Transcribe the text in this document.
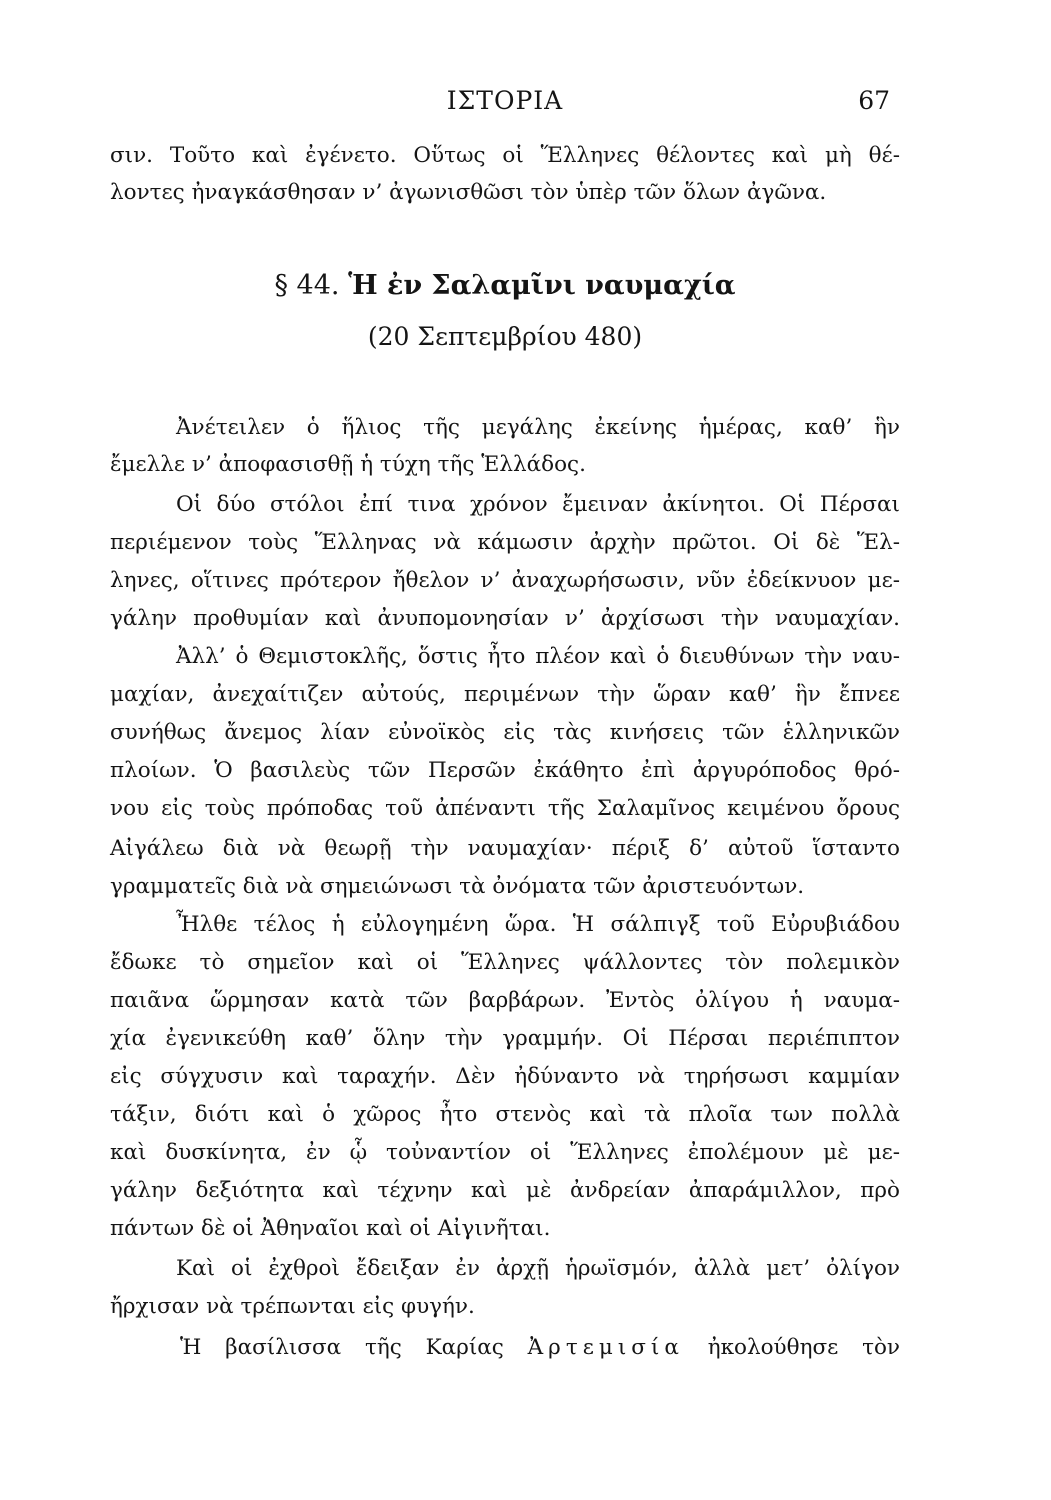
ΙΣΤΟΡΙΑ	67
σιν. Τοῦτο καὶ ἐγένετο. Οὕτως οἱ Ἕλληνες θέλοντες καὶ μὴ θέ-
λοντες ἠναγκάσθησαν ν’ ἀγωνισθῶσι τὸν ὑπὲρ τῶν ὅλων ἀγῶνα.
§ 44. Ἡ ἐν Σαλαμῖνι ναυμαχία
(20 Σεπτεμβρίου 480)
Ἀνέτειλεν ὁ ἥλιος τῆς μεγάλης ἐκείνης ἡμέρας, καθ’ ἣν
ἔμελλε ν’ ἀποφασισθῇ ἡ τύχη τῆς Ἑλλάδος.
Οἱ δύο στόλοι ἐπί τινα χρόνον ἔμειναν ἀκίνητοι. Οἱ Πέρσαι
περιέμενον τοὺς Ἕλληνας νὰ κάμωσιν ἀρχὴν πρῶτοι. Οἱ δὲ Ἕλ-
ληνες, οἵτινες πρότερον ἤθελον ν’ ἀναχωρήσωσιν, νῦν ἐδείκνυον με-
γάλην προθυμίαν καὶ ἀνυπομονησίαν ν’ ἀρχίσωσι τὴν ναυμαχίαν.
Ἀλλ’ ὁ Θεμιστοκλῆς, ὅστις ἦτο πλέον καὶ ὁ διευθύνων τὴν ναυ-
μαχίαν, ἀνεχαίτιζεν αὐτούς, περιμένων τὴν ὥραν καθ’ ἣν ἔπνεε
συνήθως ἄνεμος λίαν εὐνοϊκὸς εἰς τὰς κινήσεις τῶν ἑλληνικῶν
πλοίων. Ὁ βασιλεὺς τῶν Περσῶν ἐκάθητο ἐπὶ ἀργυρόποδος θρό-
νου εἰς τοὺς πρόποδας τοῦ ἀπέναντι τῆς Σαλαμῖνος κειμένου ὄρους
Αἰγάλεω διὰ νὰ θεωρῇ τὴν ναυμαχίαν· πέριξ δ’ αὐτοῦ ἵσταντο
γραμματεῖς διὰ νὰ σημειώνωσι τὰ ὀνόματα τῶν ἀριστευόντων.
Ἦλθε τέλος ἡ εὐλογημένη ὥρα. Ἡ σάλπιγξ τοῦ Εὐρυβιάδου
ἔδωκε τὸ σημεῖον καὶ οἱ Ἕλληνες ψάλλοντες τὸν πολεμικὸν
παιᾶνα ὥρμησαν κατὰ τῶν βαρβάρων. Ἐντὸς ὀλίγου ἡ ναυμα-
χία ἐγενικεύθη καθ’ ὅλην τὴν γραμμήν. Οἱ Πέρσαι περιέπιπτον
εἰς σύγχυσιν καὶ ταραχήν. Δὲν ἠδύναντο νὰ τηρήσωσι καμμίαν
τάξιν, διότι καὶ ὁ χῶρος ἦτο στενὸς καὶ τὰ πλοῖα των πολλὰ
καὶ δυσκίνητα, ἐν ᾧ τοὐναντίον οἱ Ἕλληνες ἐπολέμουν μὲ με-
γάλην δεξιότητα καὶ τέχνην καὶ μὲ ἀνδρείαν ἀπαράμιλλον, πρὸ
πάντων δὲ οἱ Ἀθηναῖοι καὶ οἱ Αἰγινῆται.
Καὶ οἱ ἐχθροὶ ἔδειξαν ἐν ἀρχῇ ἡρωϊσμόν, ἀλλὰ μετ’ ὀλίγον
ἤρχισαν νὰ τρέπωνται εἰς φυγήν.
Ἡ βασίλισσα τῆς Καρίας Ἀρτεμισία ἠκολούθησε τὸν
